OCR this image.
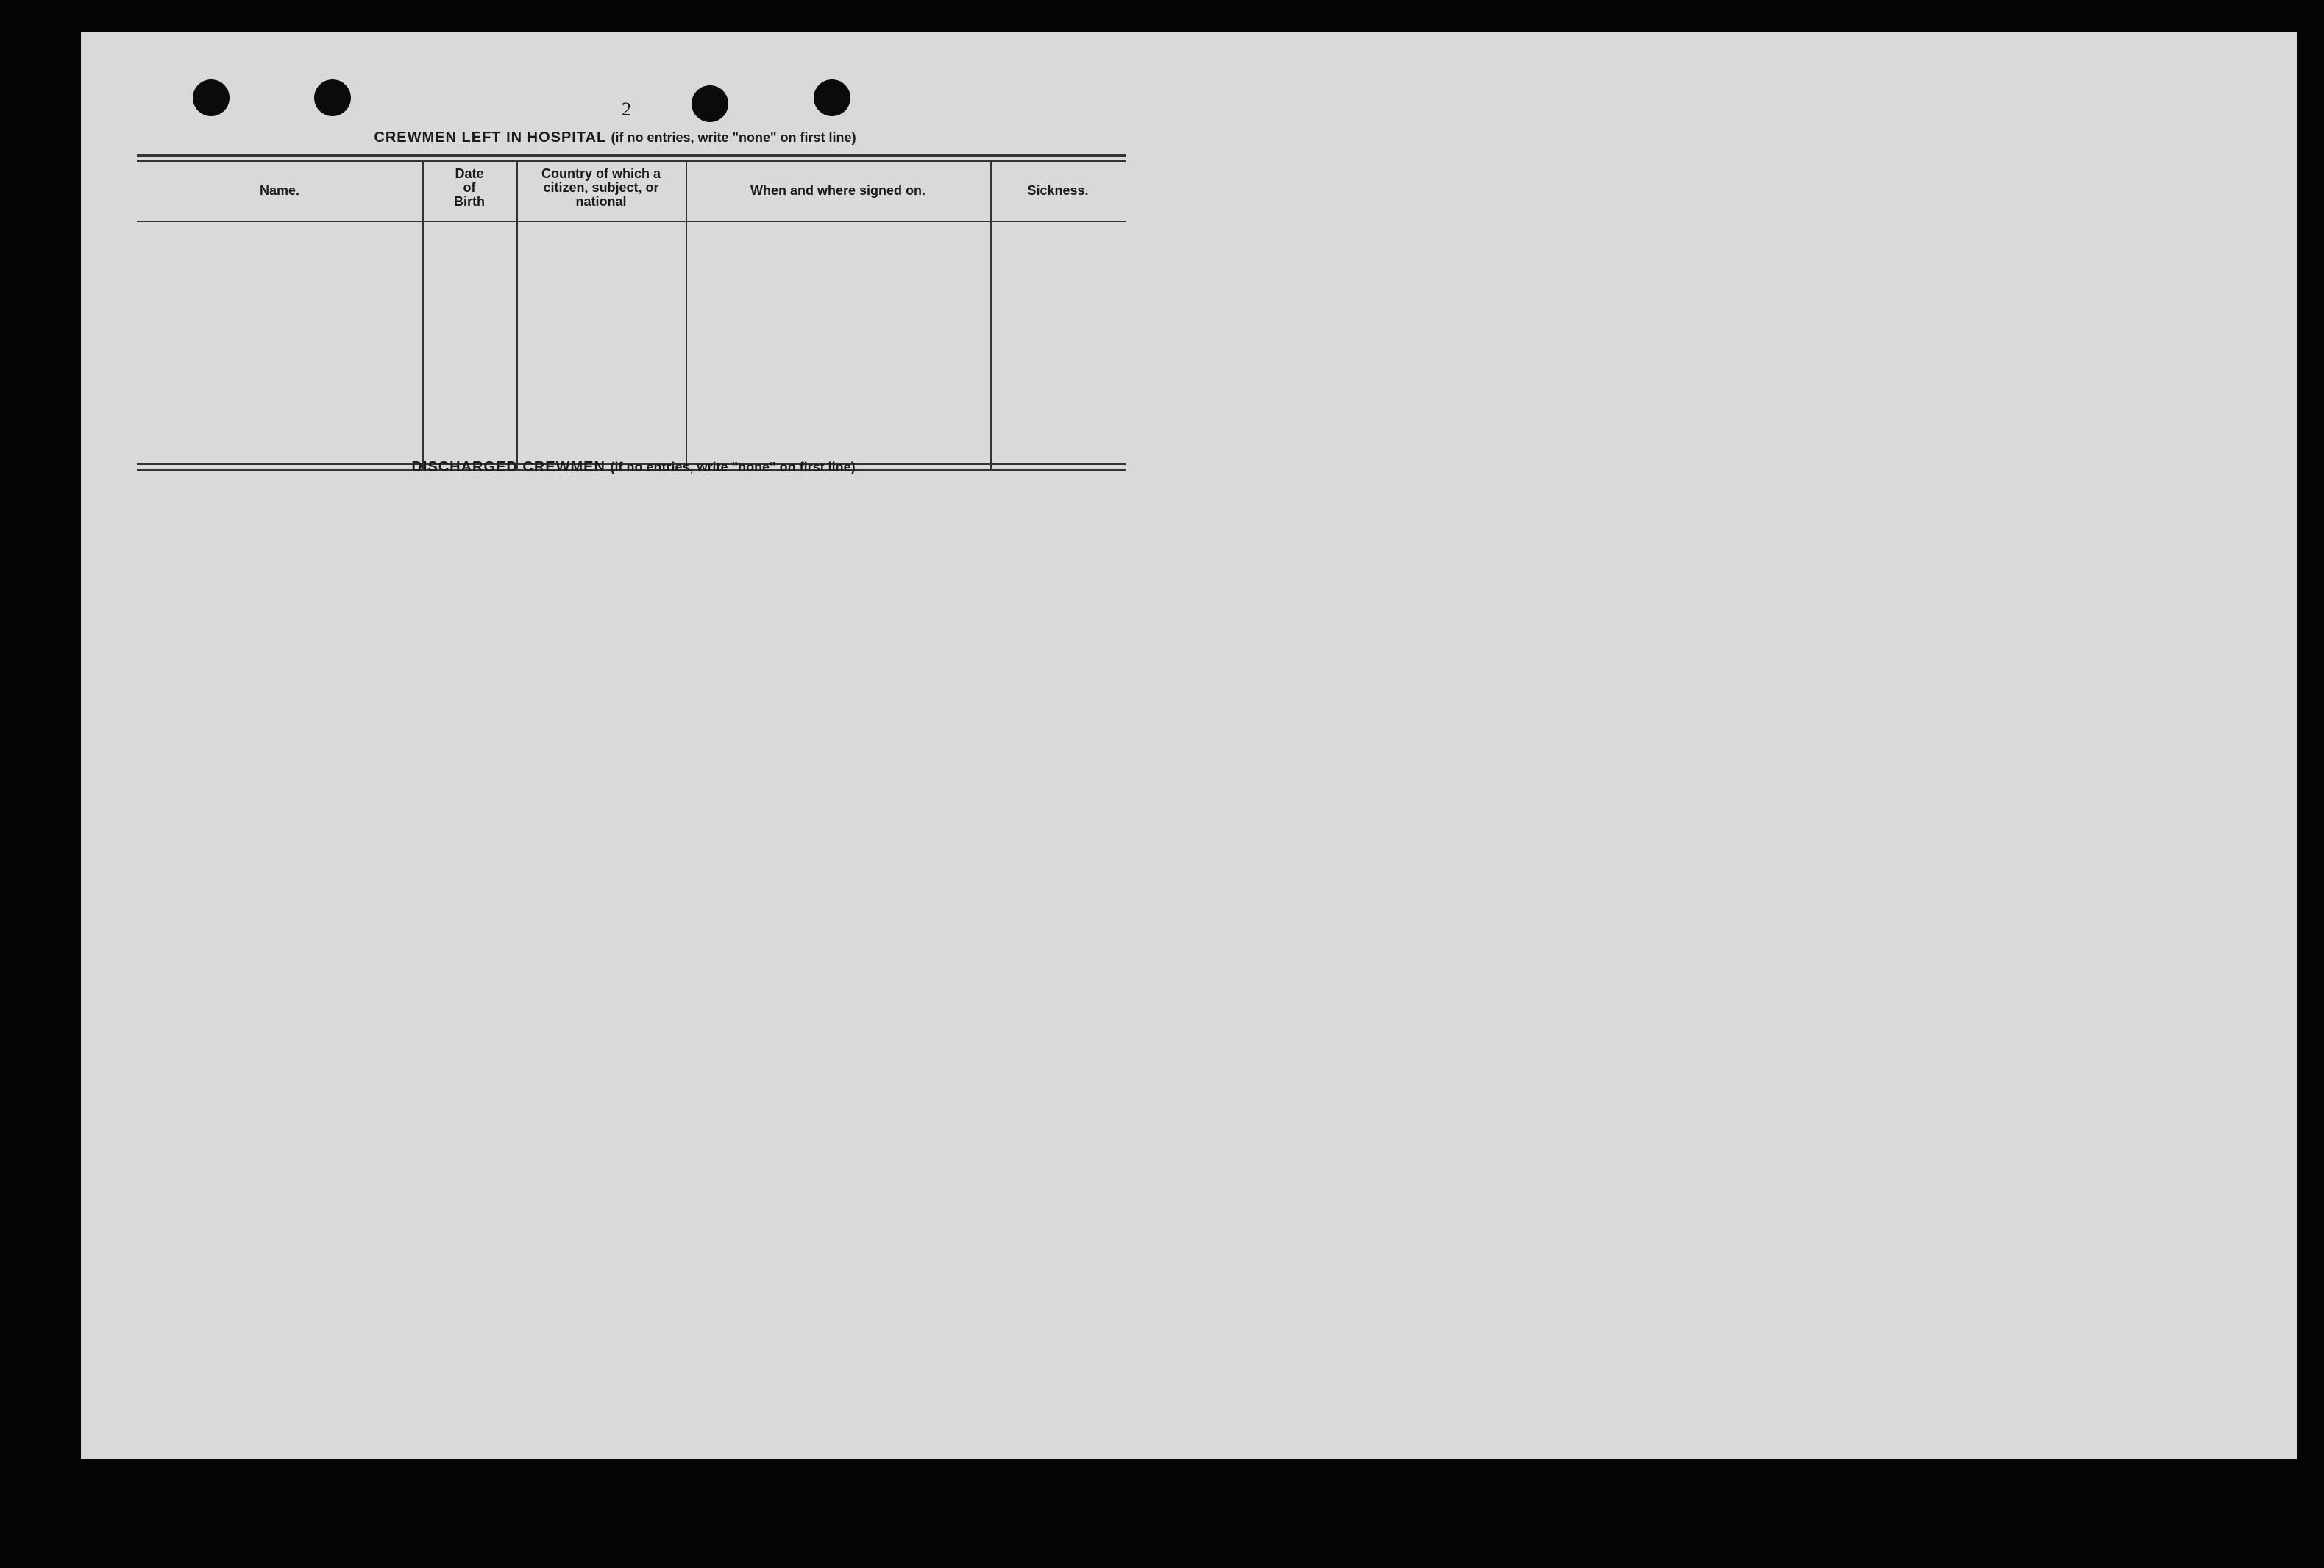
2
CREWMEN LEFT IN HOSPITAL (if no entries, write "none" on first line)
Name.
Date
of
Birth
Country of which a
citizen, subject, or
national
When and where signed on.	Sickness.
DISCHARGED CREWMEN (if no entries, write "none" on first line)
